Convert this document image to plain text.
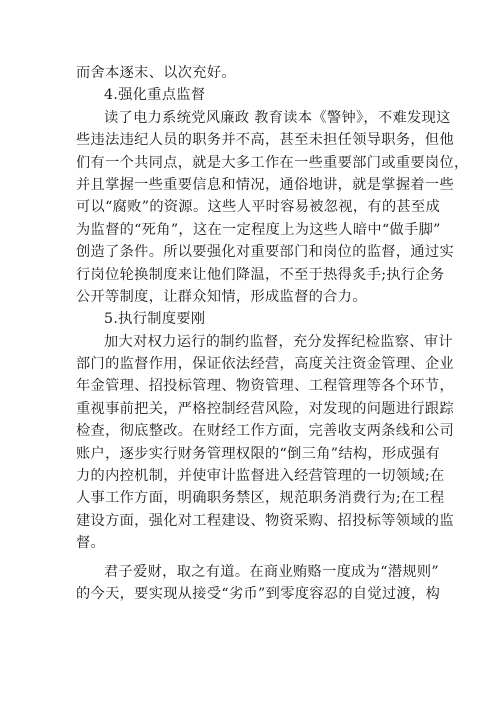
而舍本逐末、以次充好。
4.强化重点监督
读了电力系统党风廉政 教育读本《警钟》，不难发现这
些违法违纪人员的职务并不高，甚至未担任领导职务，但他
们有一个共同点，就是大多工作在一些重要部门或重要岗位，
并且掌握一些重要信息和情况，通俗地讲，就是掌握着一些
可以“腐败”的资源。这些人平时容易被忽视，有的甚至成
为监督的“死角”，这在一定程度上为这些人暗中“做手脚”
创造了条件。所以要强化对重要部门和岗位的监督，通过实
行岗位轮换制度来让他们降温，不至于热得炙手;执行企务
公开等制度，让群众知情，形成监督的合力。
5.执行制度要刚
加大对权力运行的制约监督，充分发挥纪检监察、审计
部门的监督作用，保证依法经营，高度关注资金管理、企业
年金管理、招投标管理、物资管理、工程管理等各个环节，
重视事前把关，严格控制经营风险，对发现的问题进行跟踪
检查，彻底整改。在财经工作方面，完善收支两条线和公司
账户，逐步实行财务管理权限的“倒三角”结构，形成强有
力的内控机制，并使审计监督进入经营管理的一切领域;在
人事工作方面，明确职务禁区，规范职务消费行为;在工程
建设方面，强化对工程建设、物资采购、招投标等领域的监
督。
君子爱财，取之有道。在商业贿赂一度成为“潜规则”
的今天，要实现从接受“劣币”到零度容忍的自觉过渡，构
